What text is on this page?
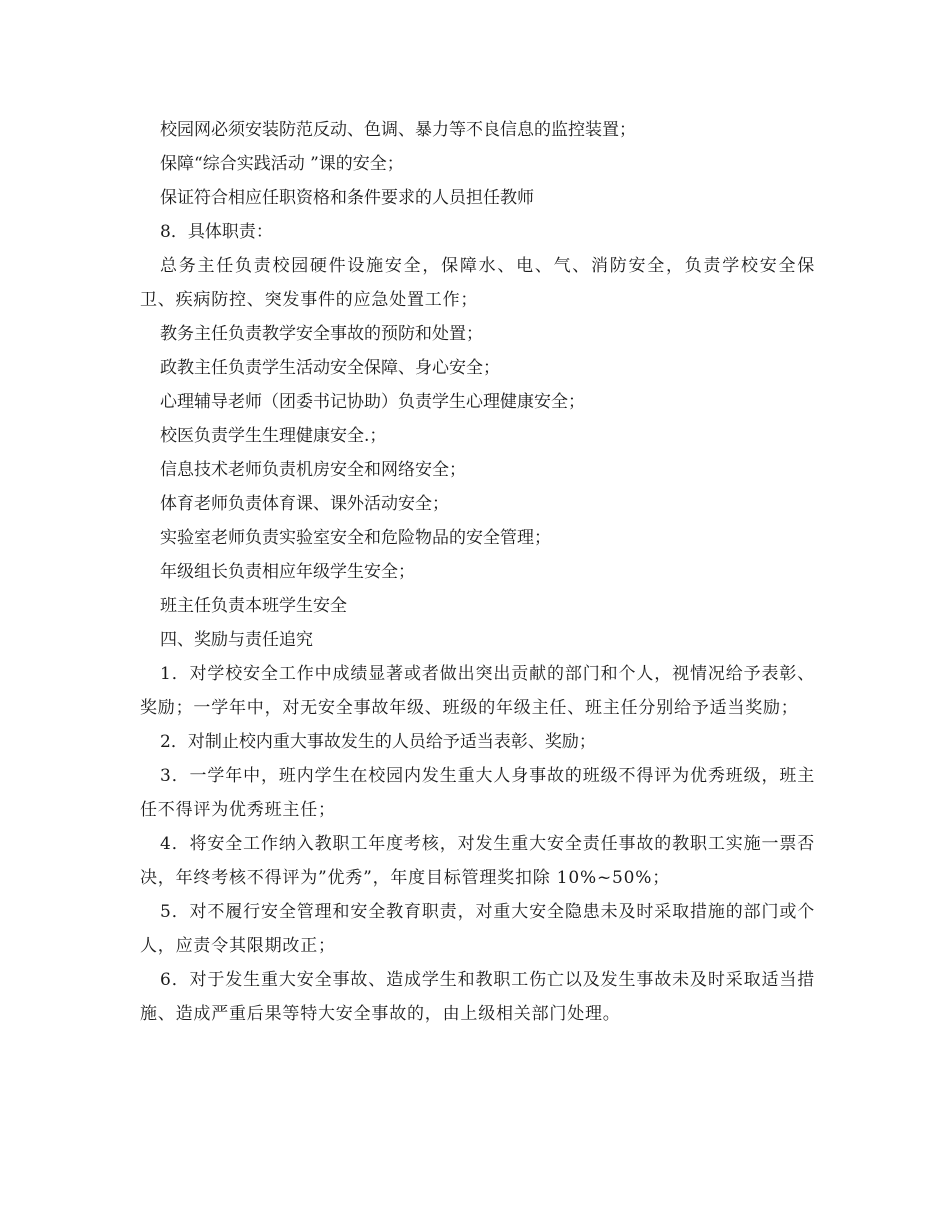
校园网必须安装防范反动、色调、暴力等不良信息的监控装置；

保障“综合实践活动 ”课的安全；

保证符合相应任职资格和条件要求的人员担任教师

8．具体职责：

总务主任负责校园硬件设施安全，保障水、电、气、消防安全，负责学校安全保卫、疾病防控、突发事件的应急处置工作；

教务主任负责教学安全事故的预防和处置；

政教主任负责学生活动安全保障、身心安全；

心理辅导老师（团委书记协助）负责学生心理健康安全；

校医负责学生生理健康安全.；

信息技术老师负责机房安全和网络安全；

体育老师负责体育课、课外活动安全；

实验室老师负责实验室安全和危险物品的安全管理；

年级组长负责相应年级学生安全；

班主任负责本班学生安全

四、奖励与责任追究

1．对学校安全工作中成绩显著或者做出突出贡献的部门和个人，视情况给予表彰、奖励；一学年中，对无安全事故年级、班级的年级主任、班主任分别给予适当奖励；

2．对制止校内重大事故发生的人员给予适当表彰、奖励；

3．一学年中，班内学生在校园内发生重大人身事故的班级不得评为优秀班级，班主任不得评为优秀班主任；

4．将安全工作纳入教职工年度考核，对发生重大安全责任事故的教职工实施一票否决，年终考核不得评为”优秀”，年度目标管理奖扣除 10%~50%；

5．对不履行安全管理和安全教育职责，对重大安全隐患未及时采取措施的部门或个人，应责令其限期改正；

6．对于发生重大安全事故、造成学生和教职工伤亡以及发生事故未及时采取适当措施、造成严重后果等特大安全事故的，由上级相关部门处理。
